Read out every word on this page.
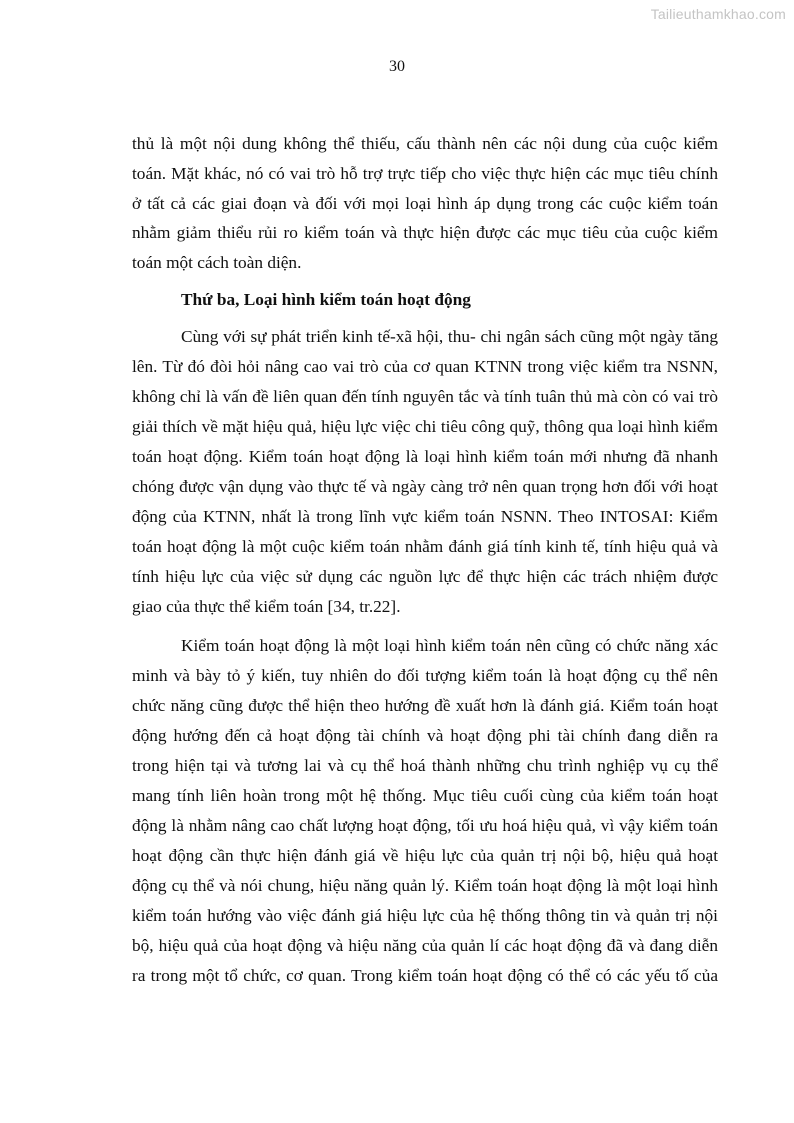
Tailieuthamkhao.com
30
thủ là một nội dung không thể thiếu, cấu thành nên các nội dung của cuộc kiểm
toán. Mặt khác, nó có vai trò hỗ trợ trực tiếp cho việc thực hiện các mục tiêu chính
ở tất cả các giai đoạn và đối với mọi loại hình áp dụng trong các cuộc kiểm toán
nhằm giảm thiểu rủi ro kiểm toán và thực hiện được các mục tiêu của cuộc kiểm
toán một cách toàn diện.
Thứ ba, Loại hình kiểm toán hoạt động
Cùng với sự phát triển kinh tế-xã hội, thu- chi ngân sách cũng một ngày tăng
lên. Từ đó đòi hỏi nâng cao vai trò của cơ quan KTNN trong việc kiểm tra NSNN,
không chỉ là vấn đề liên quan đến tính nguyên tắc và tính tuân thủ mà còn có vai trò
giải thích về mặt hiệu quả, hiệu lực việc chi tiêu công quỹ, thông qua loại hình kiểm
toán hoạt động. Kiểm toán hoạt động là loại hình kiểm toán mới nhưng đã nhanh
chóng được vận dụng vào thực tế và ngày càng trở nên quan trọng hơn đối với hoạt
động của KTNN, nhất là trong lĩnh vực kiểm toán NSNN. Theo INTOSAI: Kiểm
toán hoạt động là một cuộc kiểm toán nhằm đánh giá tính kinh tế, tính hiệu quả và
tính hiệu lực của việc sử dụng các nguồn lực để thực hiện các trách nhiệm được
giao của thực thể kiểm toán [34, tr.22].
Kiểm toán hoạt động là một loại hình kiểm toán nên cũng có chức năng xác
minh và bày tỏ ý kiến, tuy nhiên do đối tượng kiểm toán là hoạt động cụ thể nên
chức năng cũng được thể hiện theo hướng đề xuất hơn là đánh giá. Kiểm toán hoạt
động hướng đến cả hoạt động tài chính và hoạt động phi tài chính đang diễn ra
trong hiện tại và tương lai và cụ thể hoá thành những chu trình nghiệp vụ cụ thể
mang tính liên hoàn trong một hệ thống. Mục tiêu cuối cùng của kiểm toán hoạt
động là nhằm nâng cao chất lượng hoạt động, tối ưu hoá hiệu quả, vì vậy kiểm toán
hoạt động cần thực hiện đánh giá về hiệu lực của quản trị nội bộ, hiệu quả hoạt
động cụ thể và nói chung, hiệu năng quản lý. Kiểm toán hoạt động là một loại hình
kiểm toán hướng vào việc đánh giá hiệu lực của hệ thống thông tin và quản trị nội
bộ, hiệu quả của hoạt động và hiệu năng của quản lí các hoạt động đã và đang diễn
ra trong một tổ chức, cơ quan. Trong kiểm toán hoạt động có thể có các yếu tố của
